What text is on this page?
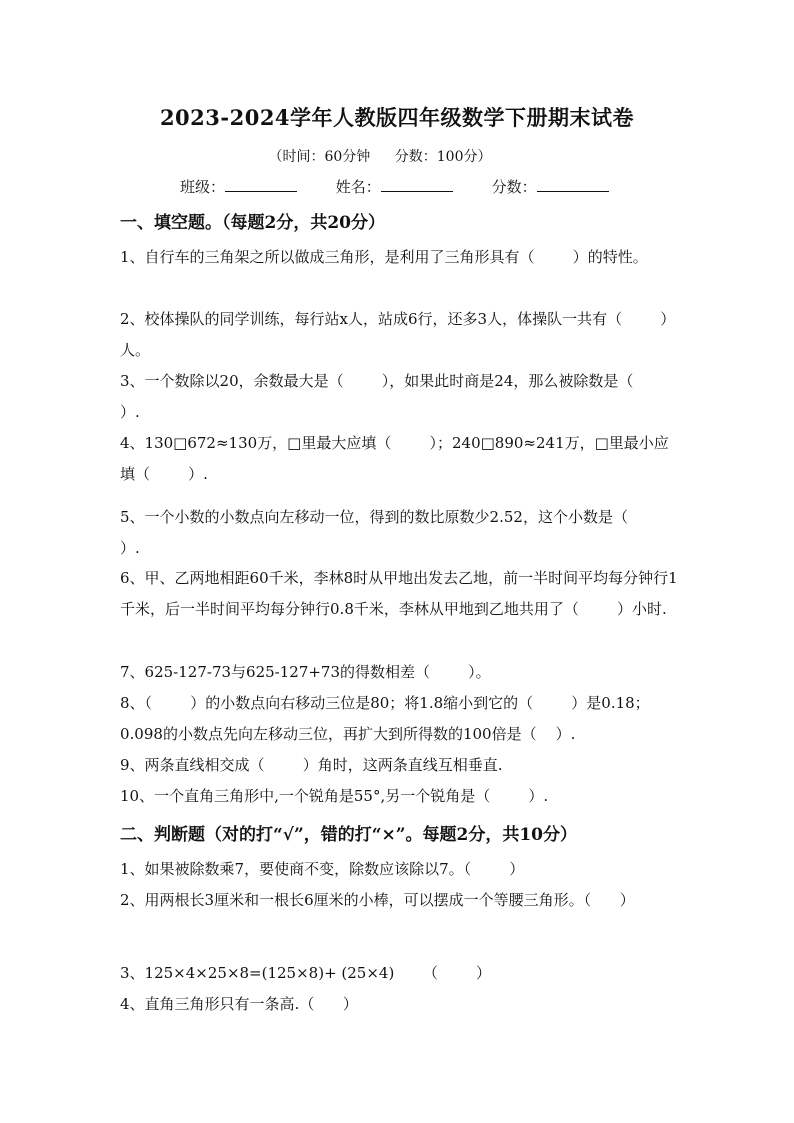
2023-2024学年人教版四年级数学下册期末试卷
（时间：60分钟 分数：100分）
班级：	姓名：	分数：
一、填空题。（每题2分，共20分）
1、自行车的三角架之所以做成三角形，是利用了三角形具有（        ）的特性。
2、校体操队的同学训练，每行站x人，站成6行，还多3人，体操队一共有（        ）人。
3、一个数除以20，余数最大是（        ），如果此时商是24，那么被除数是（        ）.
4、130□672≈130万，□里最大应填（        ）；240□890≈241万，□里最小应填（        ）.
5、一个小数的小数点向左移动一位，得到的数比原数少2.52，这个小数是（        ）.
6、甲、乙两地相距60千米，李林8时从甲地出发去乙地，前一半时间平均每分钟行1千米，后一半时间平均每分钟行0.8千米，李林从甲地到乙地共用了（        ）小时.
7、625-127-73与625-127+73的得数相差（        ）。
8、（        ）的小数点向右移动三位是80；将1.8缩小到它的（        ）是0.18；0.098的小数点先向左移动三位，再扩大到所得数的100倍是（    ）.
9、两条直线相交成（        ）角时，这两条直线互相垂直.
10、一个直角三角形中,一个锐角是55°,另一个锐角是（        ）.
二、判断题（对的打“√”，错的打“×”。每题2分，共10分）
1、如果被除数乘7，要使商不变，除数应该除以7。（        ）
2、用两根长3厘米和一根长6厘米的小棒，可以摆成一个等腰三角形。（      ）
3、125×4×25×8=(125×8)+ (25×4)      （        ）
4、直角三角形只有一条高.（      ）
